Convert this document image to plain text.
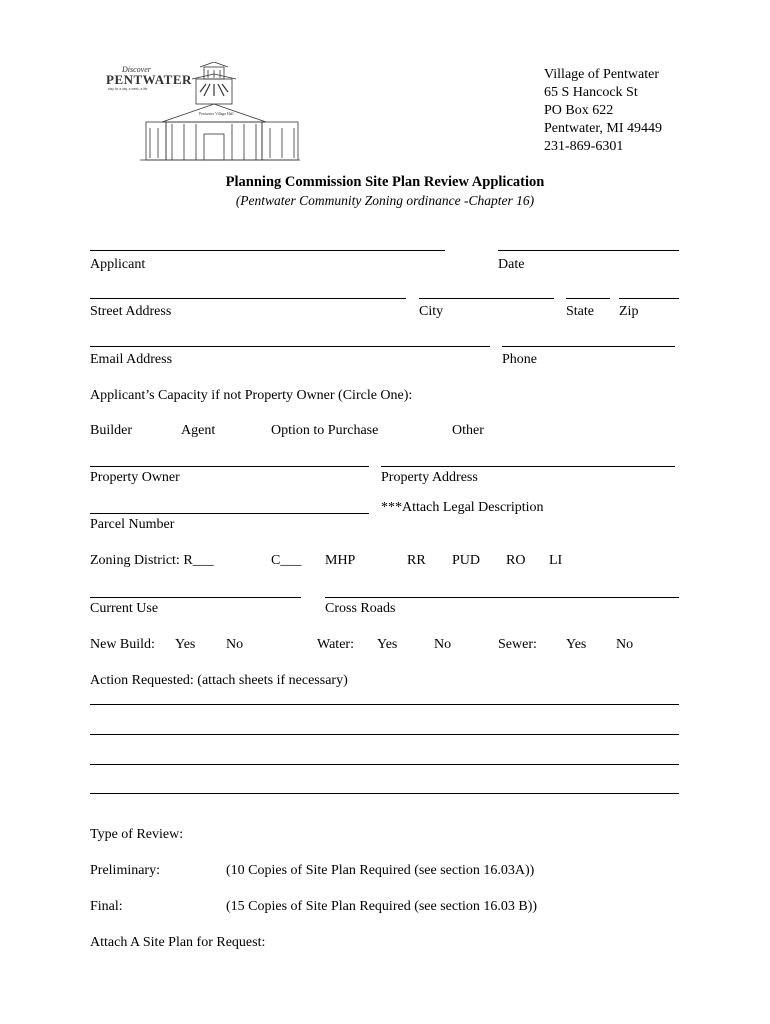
Discover
PENTWATER
stay for a day, a week, a life
Pentwater Village Hall
Village of Pentwater
65 S Hancock St
PO Box 622
Pentwater, MI 49449
231-869-6301
Planning Commission Site Plan Review Application
(Pentwater Community Zoning ordinance -Chapter 16)
Applicant	Date
Street Address	City	State Zip
Email Address	Phone
Applicant’s Capacity if not Property Owner (Circle One):
Builder	Agent	Option to Purchase	Other
Property Owner	Property Address
***Attach Legal Description
Parcel Number
Zoning District: R___	C___ MHP	RR PUD RO LI
Current Use	Cross Roads
New Build: Yes No	Water: Yes	No	Sewer: Yes No
Action Requested: (attach sheets if necessary)
Type of Review:
Preliminary:	(10 Copies of Site Plan Required (see section 16.03A))
Final:	(15 Copies of Site Plan Required (see section 16.03 B))
Attach A Site Plan for Request:
